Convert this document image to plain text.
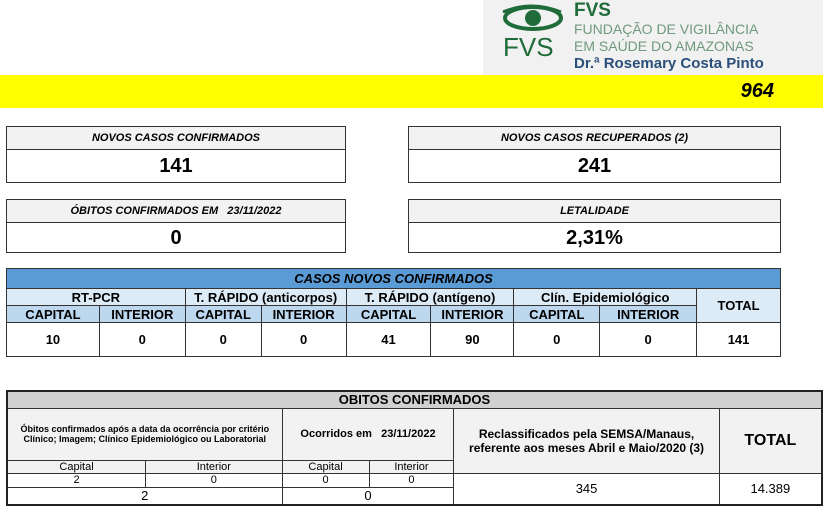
FVS
FVS
FUNDAÇÃO DE VIGILÂNCIA
EM SAÚDE DO AMAZONAS
Dr.ª Rosemary Costa Pinto
964
NOVOS CASOS CONFIRMADOS
141
NOVOS CASOS RECUPERADOS (2)
241
ÓBITOS CONFIRMADOS EM   23/11/2022
0
LETALIDADE
2,31%
CASOS NOVOS CONFIRMADOS								
RT-PCR		T. RÁPIDO (anticorpos)		T. RÁPIDO (antígeno)		Clín. Epidemiológico		TOTAL
CAPITAL	INTERIOR	CAPITAL	INTERIOR	CAPITAL	INTERIOR	CAPITAL	INTERIOR	
10	0	0	0	41	90	0	0	141
OBITOS CONFIRMADOS					
Óbitos confirmados após a data da ocorrência por critério Clínico; Imagem; Clínico Epidemiológico ou Laboratorial		Ocorridos em   23/11/2022		Reclassificados pela SEMSA/Manaus, referente aos meses Abril e Maio/2020 (3)	TOTAL
Capital	Interior	Capital	Interior		
2	0	0	0	345	14.389
2		0			
